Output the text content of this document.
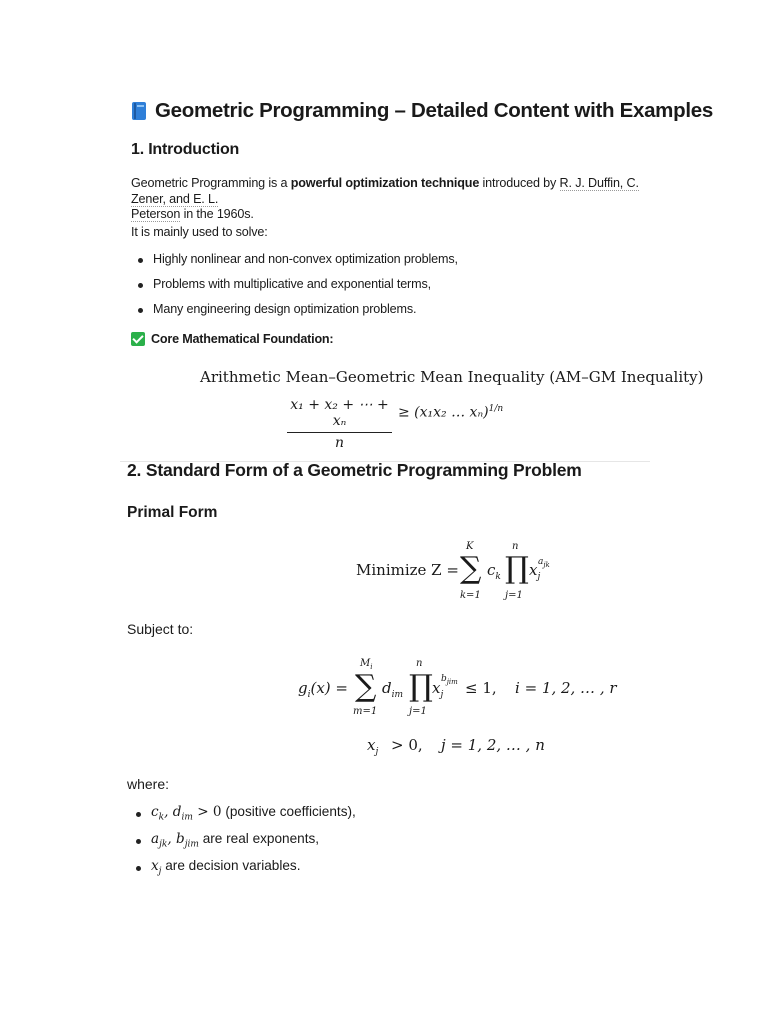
Geometric Programming – Detailed Content with Examples
1. Introduction
Geometric Programming is a powerful optimization technique introduced by R. J. Duffin, C. Zener, and E. L.
Peterson in the 1960s.
It is mainly used to solve:
Highly nonlinear and non-convex optimization problems,
Problems with multiplicative and exponential terms,
Many engineering design optimization problems.
Core Mathematical Foundation:
Arithmetic Mean–Geometric Mean Inequality (AM–GM Inequality)
$\frac{\text{x₁ + x₂ + ⋯ + xₙ}}{n} \ge (x_1x_2$ … xₙ)$^{1/n}$
2. Standard Form of a Geometric Programming Problem
Primal Form
Minimize Z =
K
∑
k=1
$c_k$
n
∏
j=1
$x_j$
$a_{jk}$
Subject to:
$g_i(x)$ =
$M_i$
∑
m=1
$d_{im}$
n
∏
j=1
$x_j$
$b_{jim} \le 1$, i = 1, 2, … , r
$x_j > 0$, j = 1, 2, … , n
where:
$c_k$, $d_{im} > 0$ (positive coefficients),
$a_{jk}$, $b_{jim}$ are real exponents,
$x_j$ are decision variables.
